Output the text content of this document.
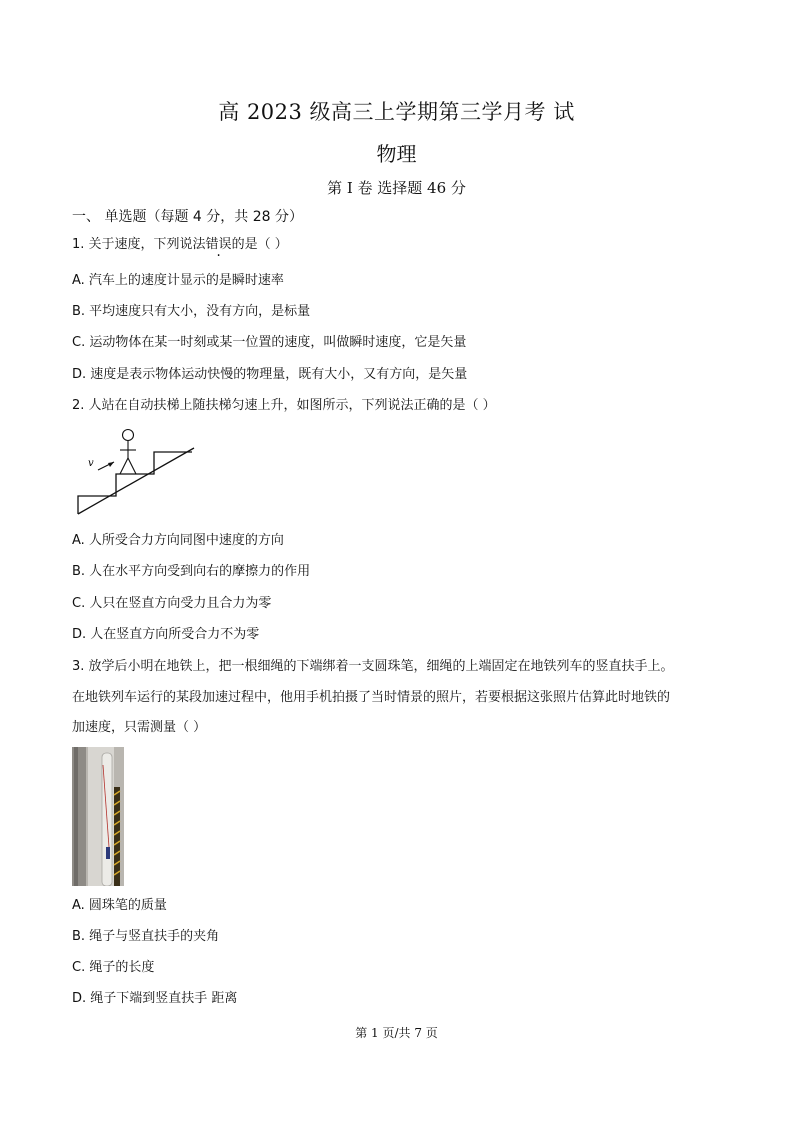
高 2023 级高三上学期第三学月考 试
物理
第 I 卷 选择题 46 分
一、 单选题（每题 4 分，共 28 分）
1. 关于速度，下列说法错误的是（ ）
A. 汽车上的速度计显示的是瞬时速率
B. 平均速度只有大小，没有方向，是标量
C. 运动物体在某一时刻或某一位置的速度，叫做瞬时速度，它是矢量
D. 速度是表示物体运动快慢的物理量，既有大小，又有方向，是矢量
2. 人站在自动扶梯上随扶梯匀速上升，如图所示，下列说法正确的是（ ）
v
A. 人所受合力方向同图中速度的方向
B. 人在水平方向受到向右的摩擦力的作用
C. 人只在竖直方向受力且合力为零
D. 人在竖直方向所受合力不为零
3. 放学后小明在地铁上，把一根细绳的下端绑着一支圆珠笔，细绳的上端固定在地铁列车的竖直扶手上。
在地铁列车运行的某段加速过程中，他用手机拍摄了当时情景的照片，若要根据这张照片估算此时地铁的
加速度，只需测量（ ）
A. 圆珠笔的质量
B. 绳子与竖直扶手的夹角
C. 绳子的长度
D. 绳子下端到竖直扶手 距离
第 1 页/共 7 页
